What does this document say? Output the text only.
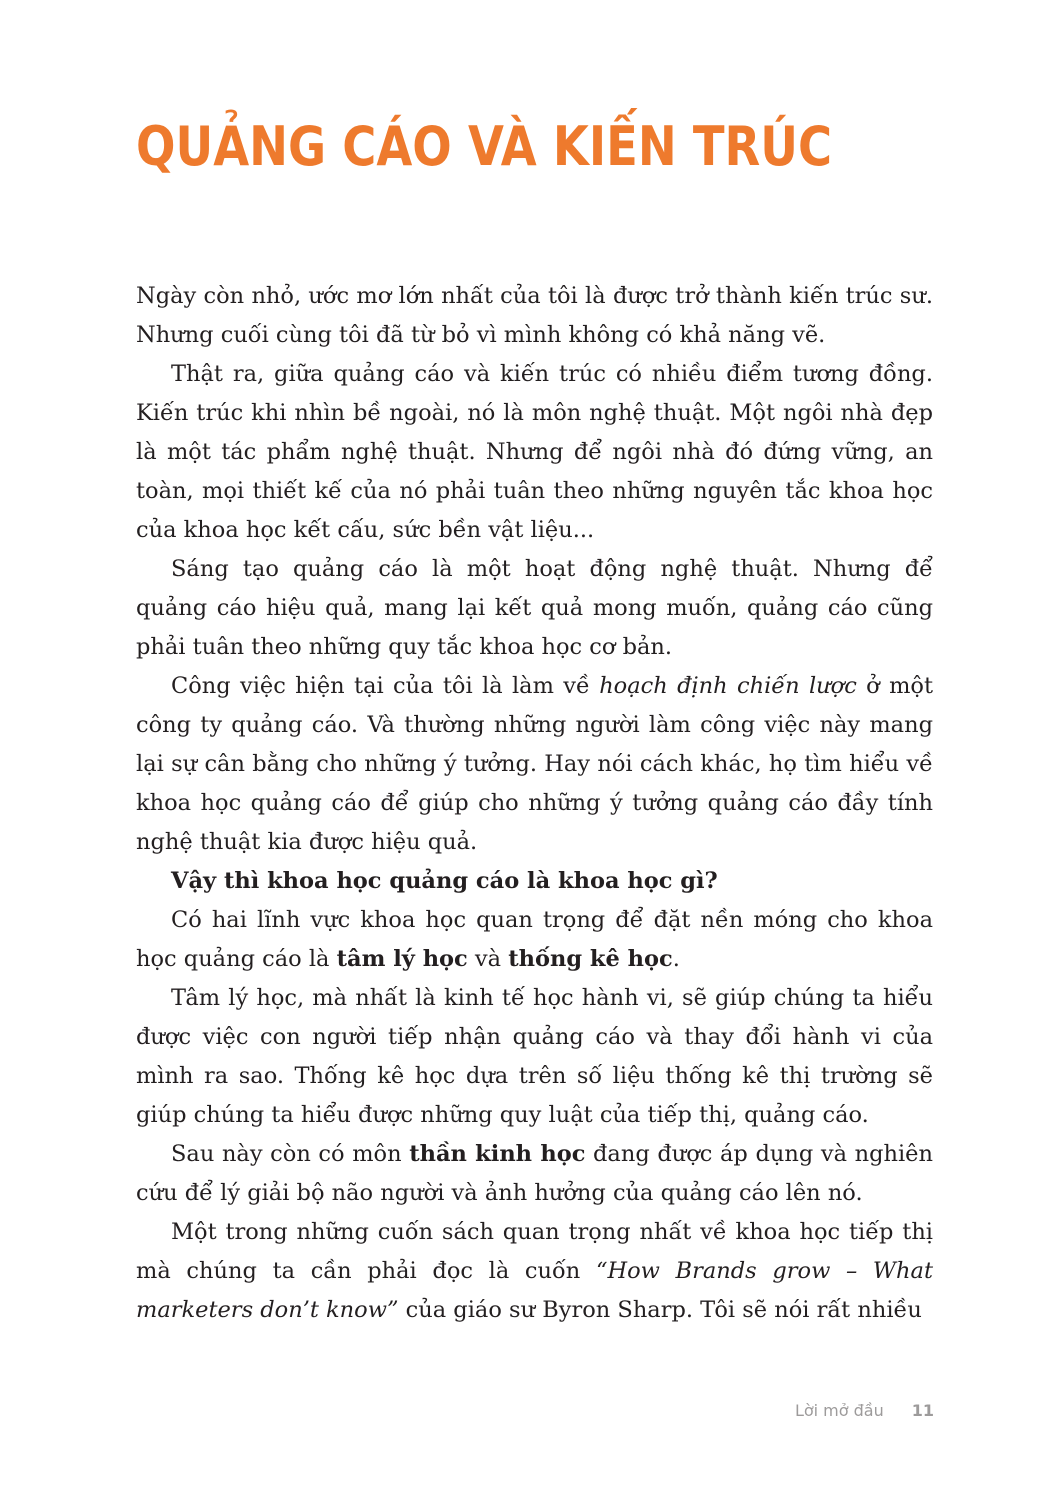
QUẢNG CÁO VÀ KIẾN TRÚC

Ngày còn nhỏ, ước mơ lớn nhất của tôi là được trở thành kiến trúc sư. Nhưng cuối cùng tôi đã từ bỏ vì mình không có khả năng vẽ.

Thật ra, giữa quảng cáo và kiến trúc có nhiều điểm tương đồng. Kiến trúc khi nhìn bề ngoài, nó là môn nghệ thuật. Một ngôi nhà đẹp là một tác phẩm nghệ thuật. Nhưng để ngôi nhà đó đứng vững, an toàn, mọi thiết kế của nó phải tuân theo những nguyên tắc khoa học của khoa học kết cấu, sức bền vật liệu...

Sáng tạo quảng cáo là một hoạt động nghệ thuật. Nhưng để quảng cáo hiệu quả, mang lại kết quả mong muốn, quảng cáo cũng phải tuân theo những quy tắc khoa học cơ bản.

Công việc hiện tại của tôi là làm về hoạch định chiến lược ở một công ty quảng cáo. Và thường những người làm công việc này mang lại sự cân bằng cho những ý tưởng. Hay nói cách khác, họ tìm hiểu về khoa học quảng cáo để giúp cho những ý tưởng quảng cáo đầy tính nghệ thuật kia được hiệu quả.

Vậy thì khoa học quảng cáo là khoa học gì?

Có hai lĩnh vực khoa học quan trọng để đặt nền móng cho khoa học quảng cáo là tâm lý học và thống kê học.

Tâm lý học, mà nhất là kinh tế học hành vi, sẽ giúp chúng ta hiểu được việc con người tiếp nhận quảng cáo và thay đổi hành vi của mình ra sao. Thống kê học dựa trên số liệu thống kê thị trường sẽ giúp chúng ta hiểu được những quy luật của tiếp thị, quảng cáo.

Sau này còn có môn thần kinh học đang được áp dụng và nghiên cứu để lý giải bộ não người và ảnh hưởng của quảng cáo lên nó.

Một trong những cuốn sách quan trọng nhất về khoa học tiếp thị mà chúng ta cần phải đọc là cuốn “How Brands grow – What marketers don’t know” của giáo sư Byron Sharp. Tôi sẽ nói rất nhiều

Lời mở đầu 11
